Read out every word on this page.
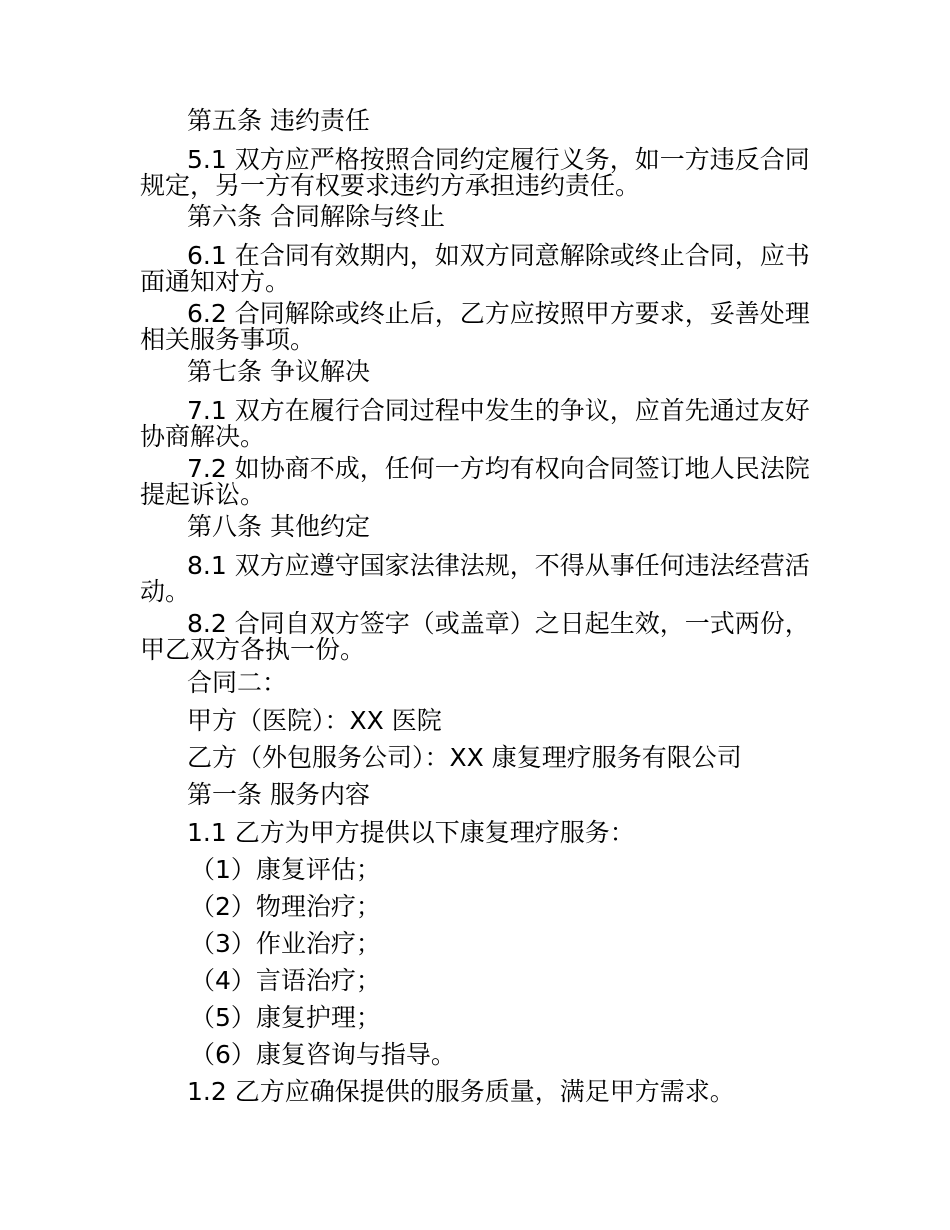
第五条 违约责任
5.1 双方应严格按照合同约定履行义务，如一方违反合同
规定，另一方有权要求违约方承担违约责任。
第六条 合同解除与终止
6.1 在合同有效期内，如双方同意解除或终止合同，应书
面通知对方。
6.2 合同解除或终止后，乙方应按照甲方要求，妥善处理
相关服务事项。
第七条 争议解决
7.1 双方在履行合同过程中发生的争议，应首先通过友好
协商解决。
7.2 如协商不成，任何一方均有权向合同签订地人民法院
提起诉讼。
第八条 其他约定
8.1 双方应遵守国家法律法规，不得从事任何违法经营活
动。
8.2 合同自双方签字（或盖章）之日起生效，一式两份，
甲乙双方各执一份。
合同二：
甲方（医院）：XX 医院
乙方（外包服务公司）：XX 康复理疗服务有限公司
第一条 服务内容
1.1 乙方为甲方提供以下康复理疗服务：
（1）康复评估；
（2）物理治疗；
（3）作业治疗；
（4）言语治疗；
（5）康复护理；
（6）康复咨询与指导。
1.2 乙方应确保提供的服务质量，满足甲方需求。
